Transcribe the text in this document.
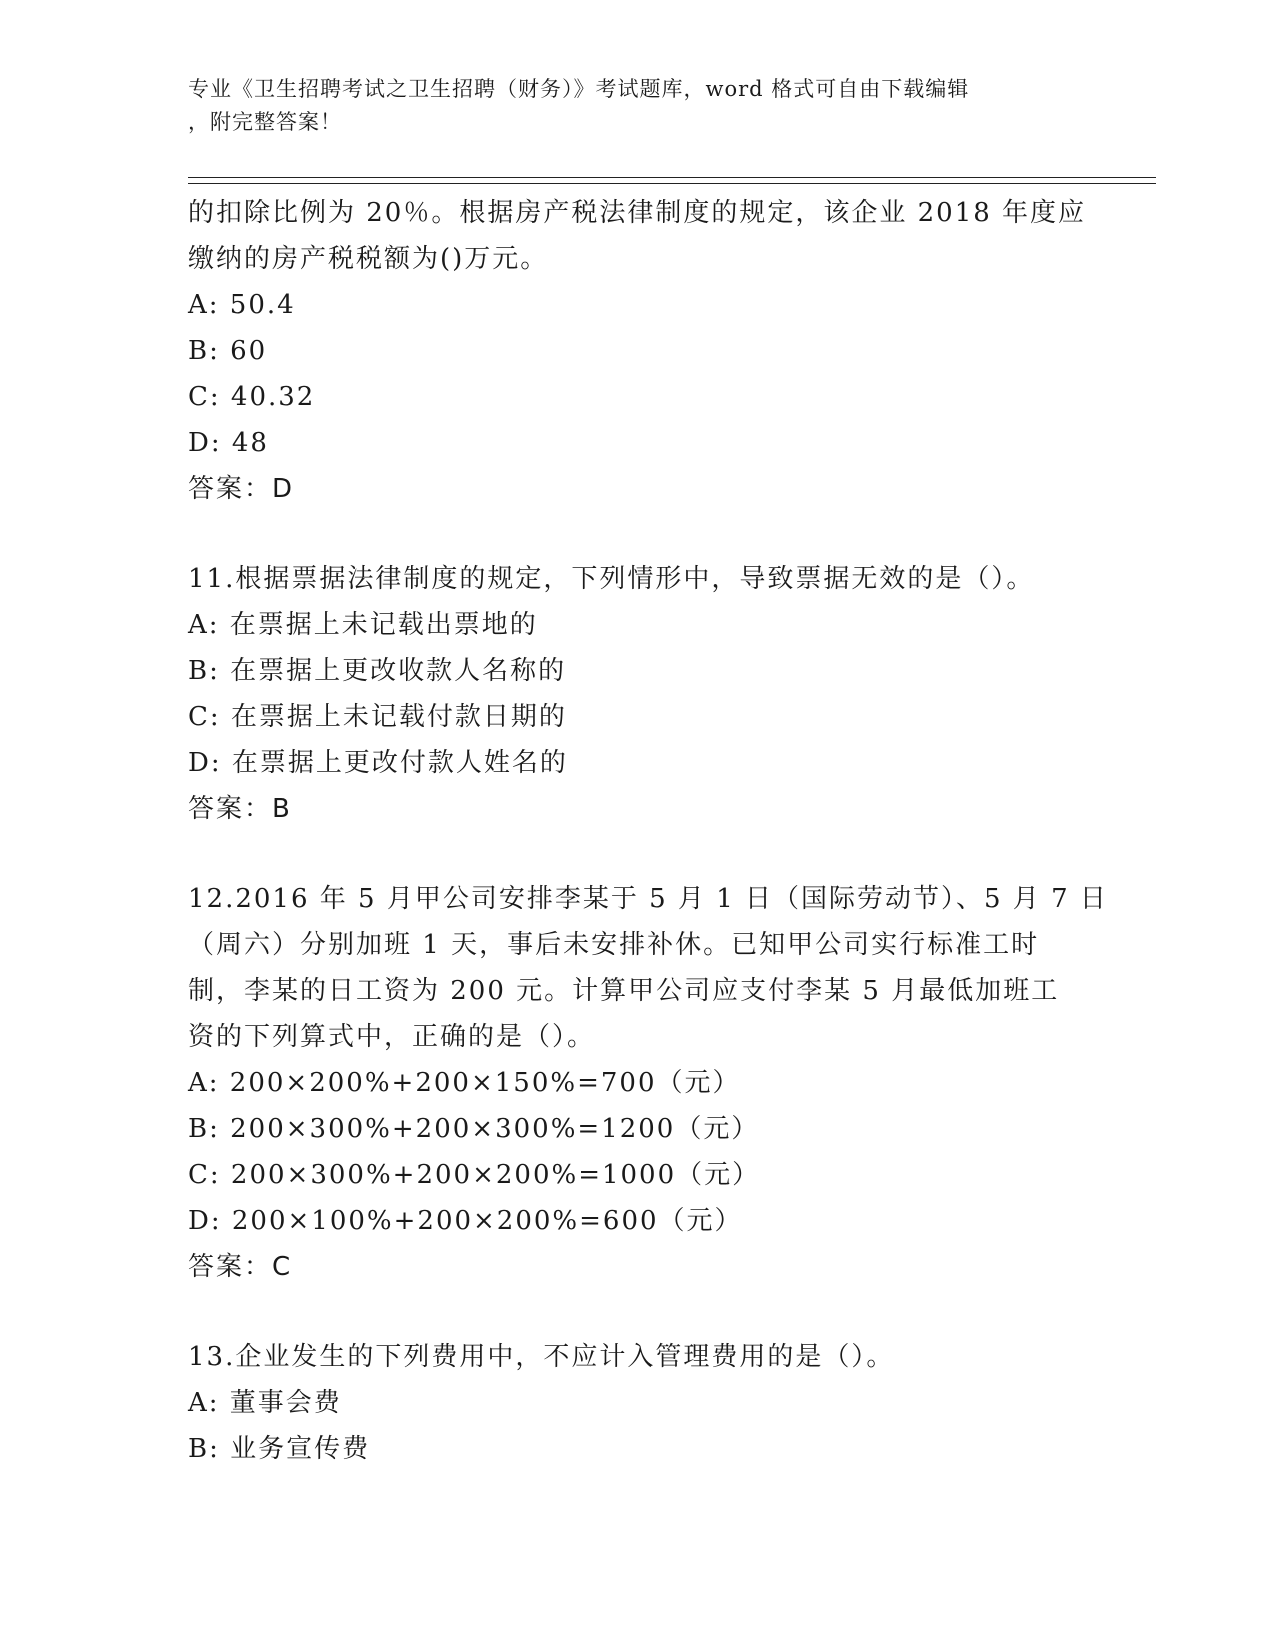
专业《卫生招聘考试之卫生招聘（财务）》考试题库，word 格式可自由下载编辑
，附完整答案！
的扣除比例为 20％。根据房产税法律制度的规定，该企业 2018 年度应
缴纳的房产税税额为()万元。
A: 50.4
B: 60
C: 40.32
D: 48
答案：D
11.根据票据法律制度的规定，下列情形中，导致票据无效的是（）。
A: 在票据上未记载出票地的
B: 在票据上更改收款人名称的
C: 在票据上未记载付款日期的
D: 在票据上更改付款人姓名的
答案：B
12.2016 年 5 月甲公司安排李某于 5 月 1 日（国际劳动节）、5 月 7 日
（周六）分别加班 1 天，事后未安排补休。已知甲公司实行标准工时
制，李某的日工资为 200 元。计算甲公司应支付李某 5 月最低加班工
资的下列算式中，正确的是（）。
A: 200×200%+200×150%=700（元）
B: 200×300%+200×300%=1200（元）
C: 200×300%+200×200%=1000（元）
D: 200×100%+200×200%=600（元）
答案：C
13.企业发生的下列费用中，不应计入管理费用的是（）。
A: 董事会费
B: 业务宣传费
